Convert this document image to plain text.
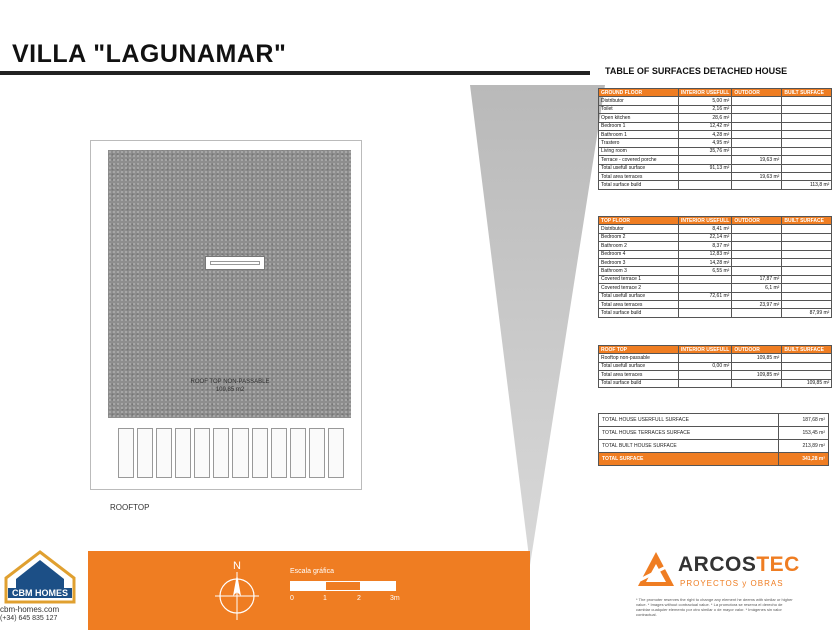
VILLA "LAGUNAMAR"
TABLE OF SURFACES DETACHED HOUSE
ROOF TOP NON-PASSABLE
109,85 m2
ROOFTOP
GROUND FLOOR	INTERIOR USEFULL	OUTDOOR	BUILT SURFACE
Distributor	5,00 m²		
Toilet	2,16 m²		
Open kitchen	28,6 m²		
Bedroom 1	12,42 m²		
Bathroom 1	4,28 m²		
Trastero	4,95 m²		
Living room	35,76 m²		
Terrace - covered porche		19,63 m²	
Total usefull surface	91,13 m²		
Total area terraces		19,63 m²	
Total surface build			113,8 m²
TOP FLOOR	INTERIOR USEFULL	OUTDOOR	BUILT SURFACE
Distributor	8,41 m²		
Bedroom 2	22,14 m²		
Bathroom 2	8,37 m²		
Bedroom 4	12,83 m²		
Bedroom 3	14,28 m²		
Bathroom 3	6,55 m²		
Covered terrace 1		17,87 m²	
Covered terrace 2		6,1 m²	
Total usefull surface	72,61 m²		
Total area terraces		23,97 m²	
Total surface build			87,99 m²
ROOF TOP	INTERIOR USEFULL	OUTDOOR	BUILT SURFACE
Rooftop non-passable		109,85 m²	
Total usefull surface	0,00 m²		
Total area terraces		109,85 m²	
Total surface build			109,85 m²
TOTAL HOUSE USERFULL SURFACE	187,68 m²
TOTAL HOUSE TERRACES SURFACE	153,45 m²
TOTAL BUILT HOUSE SURFACE	213,89 m²
TOTAL SURFACE	341,28 m²
CBM HOMES
cbm-homes.com
(+34) 645 835 127
N	Escala gráfica
0	1	2	3m
ARCOSTEC
PROYECTOS y OBRAS
* The promoter reserves the right to change any element he deems with similar or higher value. * Images without contractual value. * La promotora se reserva el derecho de cambiar cualquier elemento por otro similar o de mayor valor. * Imágenes sin valor contractual.
